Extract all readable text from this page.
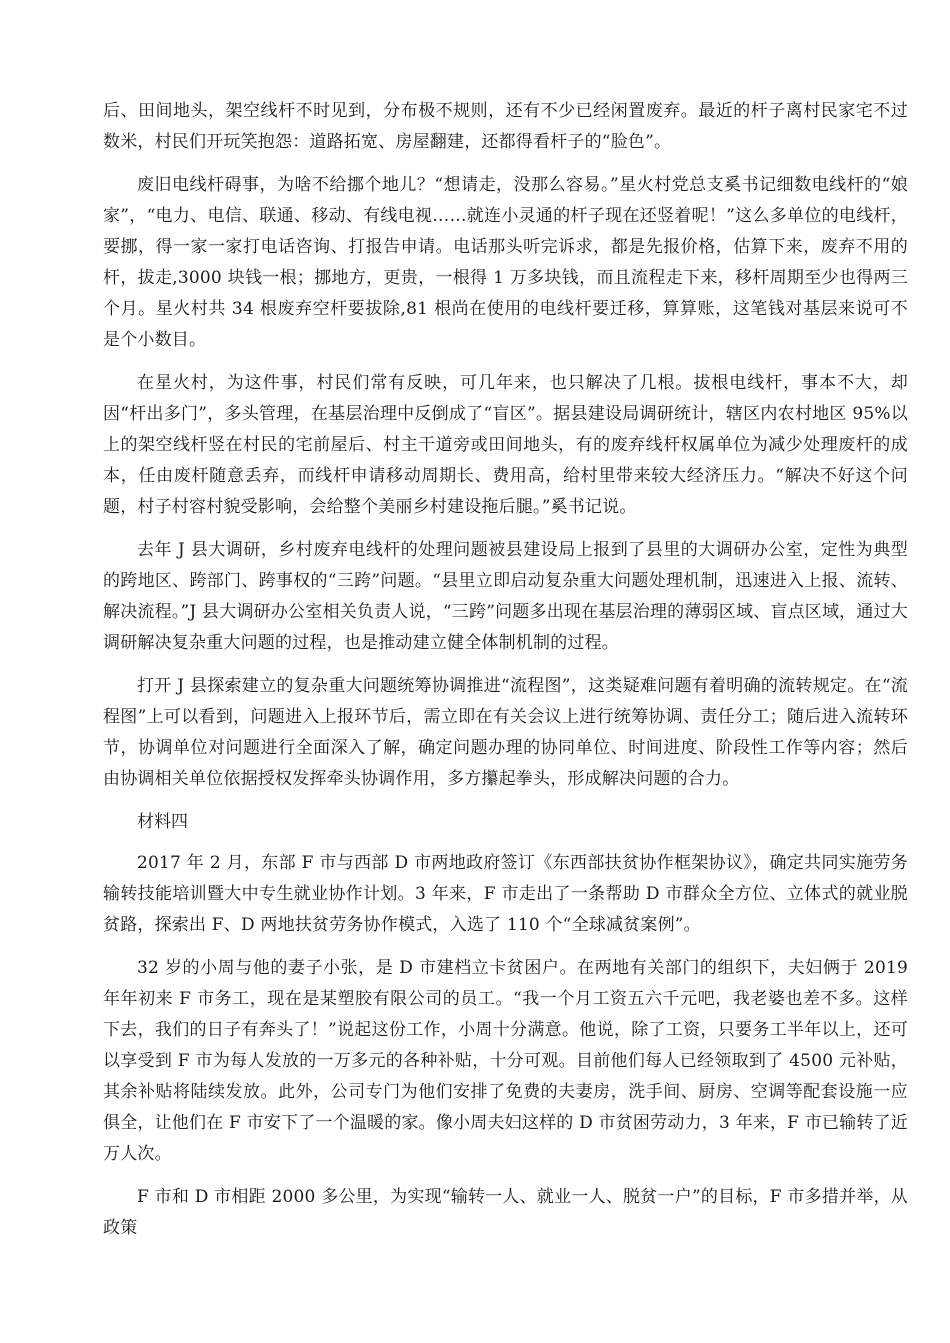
后、田间地头，架空线杆不时见到，分布极不规则，还有不少已经闲置废弃。最近的杆子离村民家宅不过数米，村民们开玩笑抱怨：道路拓宽、房屋翻建，还都得看杆子的“脸色”。

废旧电线杆碍事，为啥不给挪个地儿？“想请走，没那么容易。”星火村党总支奚书记细数电线杆的“娘家”，“电力、电信、联通、移动、有线电视……就连小灵通的杆子现在还竖着呢！”这么多单位的电线杆，要挪，得一家一家打电话咨询、打报告申请。电话那头听完诉求，都是先报价格，估算下来，废弃不用的杆，拔走,3000 块钱一根；挪地方，更贵，一根得 1 万多块钱，而且流程走下来，移杆周期至少也得两三个月。星火村共 34 根废弃空杆要拔除,81 根尚在使用的电线杆要迁移，算算账，这笔钱对基层来说可不是个小数目。

在星火村，为这件事，村民们常有反映，可几年来，也只解决了几根。拔根电线杆，事本不大，却因“杆出多门”，多头管理，在基层治理中反倒成了“盲区”。据县建设局调研统计，辖区内农村地区 95%以上的架空线杆竖在村民的宅前屋后、村主干道旁或田间地头，有的废弃线杆权属单位为减少处理废杆的成本，任由废杆随意丢弃，而线杆申请移动周期长、费用高，给村里带来较大经济压力。“解决不好这个问题，村子村容村貌受影响，会给整个美丽乡村建设拖后腿。”奚书记说。

去年 J 县大调研，乡村废弃电线杆的处理问题被县建设局上报到了县里的大调研办公室，定性为典型的跨地区、跨部门、跨事权的“三跨”问题。“县里立即启动复杂重大问题处理机制，迅速进入上报、流转、解决流程。”J 县大调研办公室相关负责人说，“三跨”问题多出现在基层治理的薄弱区域、盲点区域，通过大调研解决复杂重大问题的过程，也是推动建立健全体制机制的过程。

打开 J 县探索建立的复杂重大问题统筹协调推进“流程图”，这类疑难问题有着明确的流转规定。在“流程图”上可以看到，问题进入上报环节后，需立即在有关会议上进行统筹协调、责任分工；随后进入流转环节，协调单位对问题进行全面深入了解，确定问题办理的协同单位、时间进度、阶段性工作等内容；然后由协调相关单位依据授权发挥牵头协调作用，多方攥起拳头，形成解决问题的合力。

材料四

2017 年 2 月，东部 F 市与西部 D 市两地政府签订《东西部扶贫协作框架协议》，确定共同实施劳务输转技能培训暨大中专生就业协作计划。3 年来，F 市走出了一条帮助 D 市群众全方位、立体式的就业脱贫路，探索出 F、D 两地扶贫劳务协作模式，入选了 110 个“全球减贫案例”。

32 岁的小周与他的妻子小张，是 D 市建档立卡贫困户。在两地有关部门的组织下，夫妇俩于 2019 年年初来 F 市务工，现在是某塑胶有限公司的员工。“我一个月工资五六千元吧，我老婆也差不多。这样下去，我们的日子有奔头了！”说起这份工作，小周十分满意。他说，除了工资，只要务工半年以上，还可以享受到 F 市为每人发放的一万多元的各种补贴，十分可观。目前他们每人已经领取到了 4500 元补贴，其余补贴将陆续发放。此外，公司专门为他们安排了免费的夫妻房，洗手间、厨房、空调等配套设施一应俱全，让他们在 F 市安下了一个温暖的家。像小周夫妇这样的 D 市贫困劳动力，3 年来，F 市已输转了近万人次。

F 市和 D 市相距 2000 多公里，为实现“输转一人、就业一人、脱贫一户”的目标，F 市多措并举，从政策
